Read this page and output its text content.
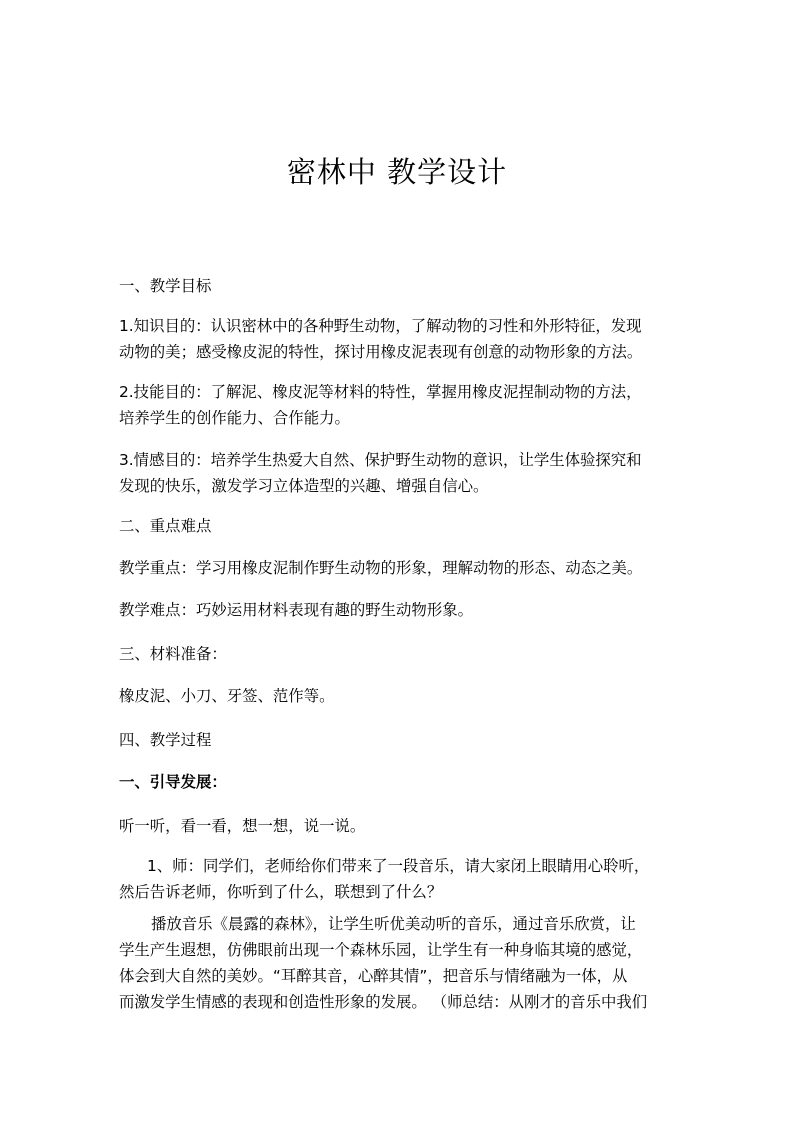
密林中 教学设计

一、教学目标

1.知识目的：认识密林中的各种野生动物，了解动物的习性和外形特征，发现
动物的美；感受橡皮泥的特性，探讨用橡皮泥表现有创意的动物形象的方法。

2.技能目的：了解泥、橡皮泥等材料的特性，掌握用橡皮泥捏制动物的方法，
培养学生的创作能力、合作能力。

3.情感目的：培养学生热爱大自然、保护野生动物的意识，让学生体验探究和
发现的快乐，激发学习立体造型的兴趣、增强自信心。

二、重点难点

教学重点：学习用橡皮泥制作野生动物的形象，理解动物的形态、动态之美。

教学难点：巧妙运用材料表现有趣的野生动物形象。

三、材料准备：

橡皮泥、小刀、牙签、范作等。

四、教学过程

一、引导发展：

听一听，看一看，想一想，说一说。

1、师：同学们，老师给你们带来了一段音乐，请大家闭上眼睛用心聆听，
然后告诉老师，你听到了什么，联想到了什么？

播放音乐《晨露的森林》，让学生听优美动听的音乐，通过音乐欣赏，让
学生产生遐想，仿佛眼前出现一个森林乐园，让学生有一种身临其境的感觉，
体会到大自然的美妙。“耳醉其音，心醉其情”，把音乐与情绪融为一体，从
而激发学生情感的表现和创造性形象的发展。 （师总结：从刚才的音乐中我们
